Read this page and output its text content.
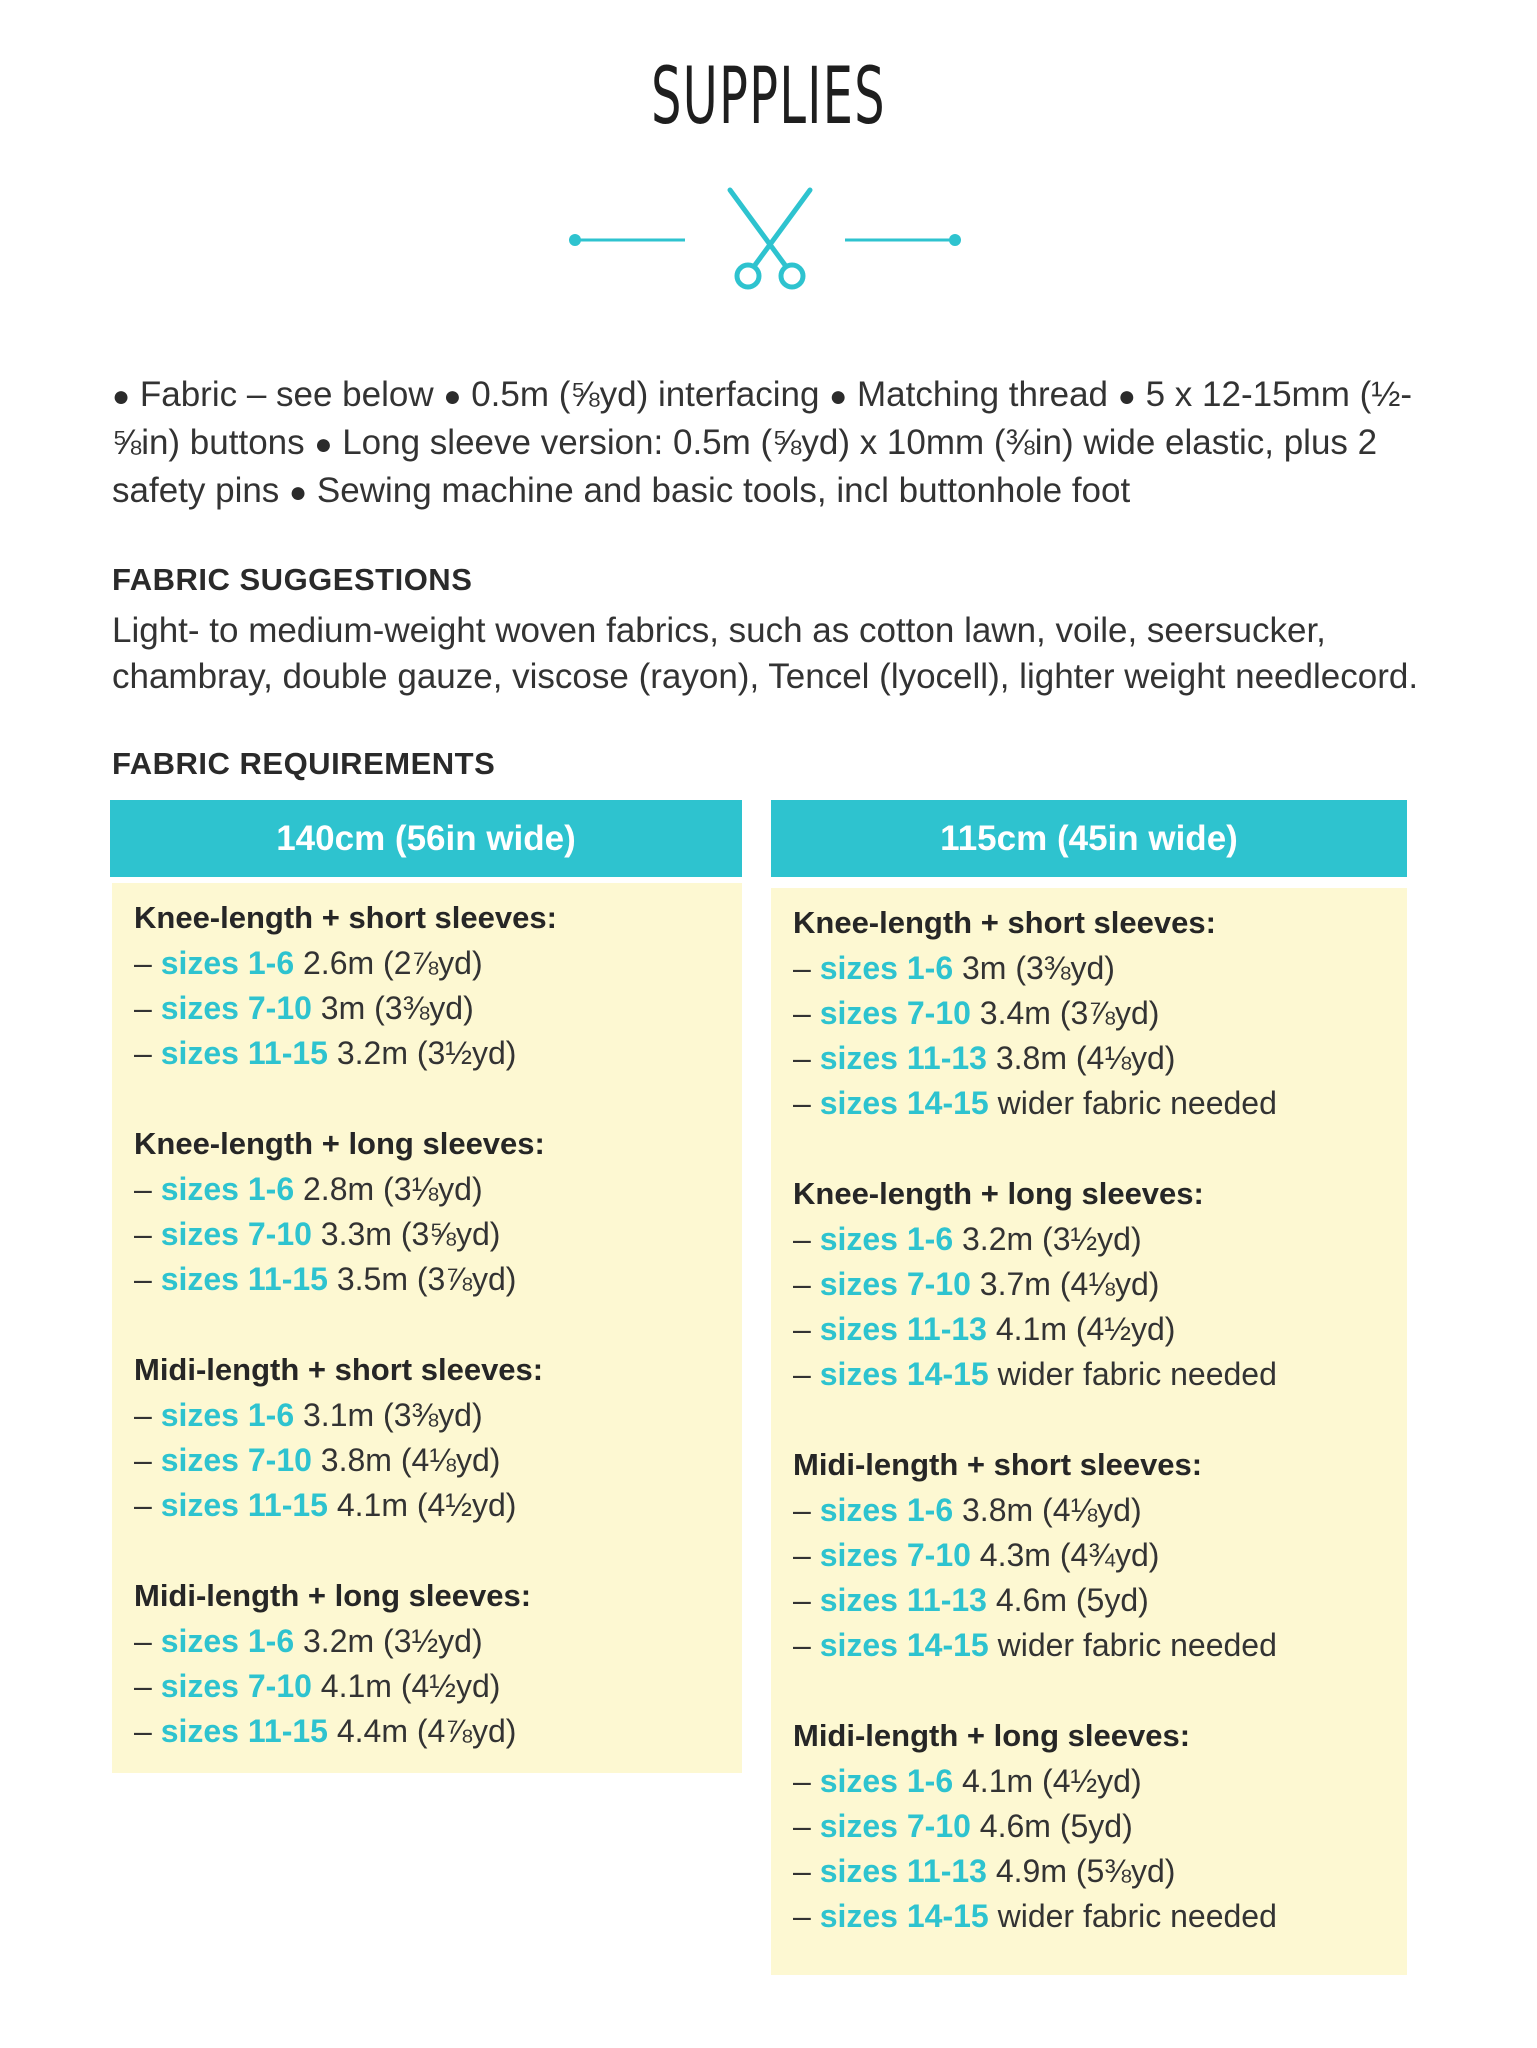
SUPPLIES
● Fabric – see below ● 0.5m (⅝yd) interfacing ● Matching thread ● 5 x 12-15mm (½-⅝in) buttons ● Long sleeve version: 0.5m (⅝yd) x 10mm (⅜in) wide elastic, plus 2 safety pins ● Sewing machine and basic tools, incl buttonhole foot
FABRIC SUGGESTIONS
Light- to medium-weight woven fabrics, such as cotton lawn, voile, seersucker, chambray, double gauze, viscose (rayon), Tencel (lyocell), lighter weight needlecord.
FABRIC REQUIREMENTS
140cm (56in wide)	115cm (45in wide)
Knee-length + short sleeves:
– sizes 1-6 2.6m (2⅞yd)
– sizes 7-10 3m (3⅜yd)
– sizes 11-15 3.2m (3½yd)
Knee-length + long sleeves:
– sizes 1-6 2.8m (3⅛yd)
– sizes 7-10 3.3m (3⅝yd)
– sizes 11-15 3.5m (3⅞yd)
Midi-length + short sleeves:
– sizes 1-6 3.1m (3⅜yd)
– sizes 7-10 3.8m (4⅛yd)
– sizes 11-15 4.1m (4½yd)
Midi-length + long sleeves:
– sizes 1-6 3.2m (3½yd)
– sizes 7-10 4.1m (4½yd)
– sizes 11-15 4.4m (4⅞yd)
Knee-length + short sleeves:
– sizes 1-6 3m (3⅜yd)
– sizes 7-10 3.4m (3⅞yd)
– sizes 11-13 3.8m (4⅛yd)
– sizes 14-15 wider fabric needed
Knee-length + long sleeves:
– sizes 1-6 3.2m (3½yd)
– sizes 7-10 3.7m (4⅛yd)
– sizes 11-13 4.1m (4½yd)
– sizes 14-15 wider fabric needed
Midi-length + short sleeves:
– sizes 1-6 3.8m (4⅛yd)
– sizes 7-10 4.3m (4¾yd)
– sizes 11-13 4.6m (5yd)
– sizes 14-15 wider fabric needed
Midi-length + long sleeves:
– sizes 1-6 4.1m (4½yd)
– sizes 7-10 4.6m (5yd)
– sizes 11-13 4.9m (5⅜yd)
– sizes 14-15 wider fabric needed
